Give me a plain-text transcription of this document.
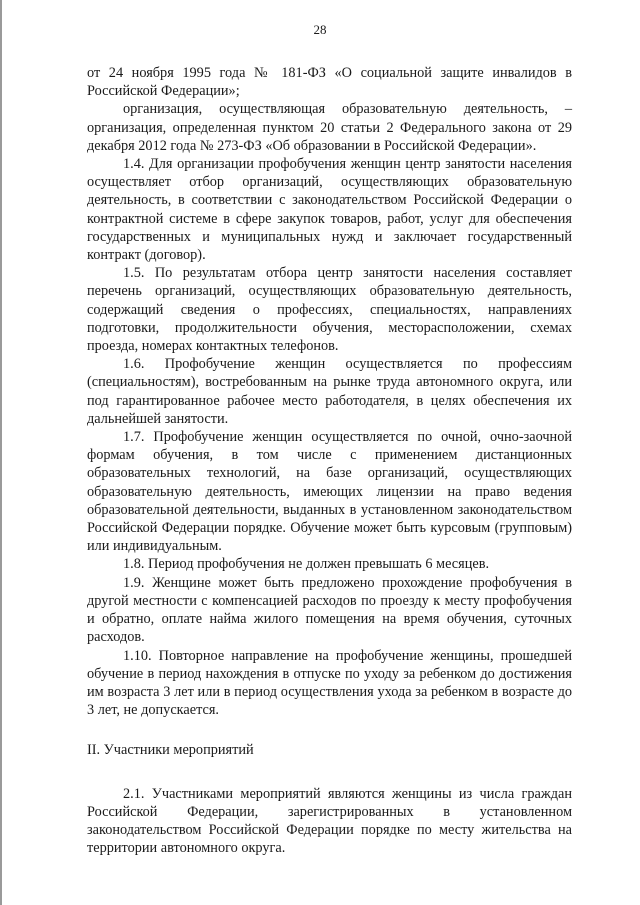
28

от 24 ноября 1995 года № 181-ФЗ «О социальной защите инвалидов в Российской Федерации»;

организация, осуществляющая образовательную деятельность, – организация, определенная пунктом 20 статьи 2 Федерального закона от 29 декабря 2012 года № 273-ФЗ «Об образовании в Российской Федерации».

1.4. Для организации профобучения женщин центр занятости населения осуществляет отбор организаций, осуществляющих образовательную деятельность, в соответствии с законодательством Российской Федерации о контрактной системе в сфере закупок товаров, работ, услуг для обеспечения государственных и муниципальных нужд и заключает государственный контракт (договор).

1.5. По результатам отбора центр занятости населения составляет перечень организаций, осуществляющих образовательную деятельность, содержащий сведения о профессиях, специальностях, направлениях подготовки, продолжительности обучения, месторасположении, схемах проезда, номерах контактных телефонов.

1.6. Профобучение женщин осуществляется по профессиям (специальностям), востребованным на рынке труда автономного округа, или под гарантированное рабочее место работодателя, в целях обеспечения их дальнейшей занятости.

1.7. Профобучение женщин осуществляется по очной, очно-заочной формам обучения, в том числе с применением дистанционных образовательных технологий, на базе организаций, осуществляющих образовательную деятельность, имеющих лицензии на право ведения образовательной деятельности, выданных в установленном законодательством Российской Федерации порядке. Обучение может быть курсовым (групповым) или индивидуальным.

1.8. Период профобучения не должен превышать 6 месяцев.

1.9. Женщине может быть предложено прохождение профобучения в другой местности с компенсацией расходов по проезду к месту профобучения и обратно, оплате найма жилого помещения на время обучения, суточных расходов.

1.10. Повторное направление на профобучение женщины, прошедшей обучение в период нахождения в отпуске по уходу за ребенком до достижения им возраста 3 лет или в период осуществления ухода за ребенком в возрасте до 3 лет, не допускается.

II. Участники мероприятий

2.1. Участниками мероприятий являются женщины из числа граждан Российской Федерации, зарегистрированных в установленном законодательством Российской Федерации порядке по месту жительства на территории автономного округа.
